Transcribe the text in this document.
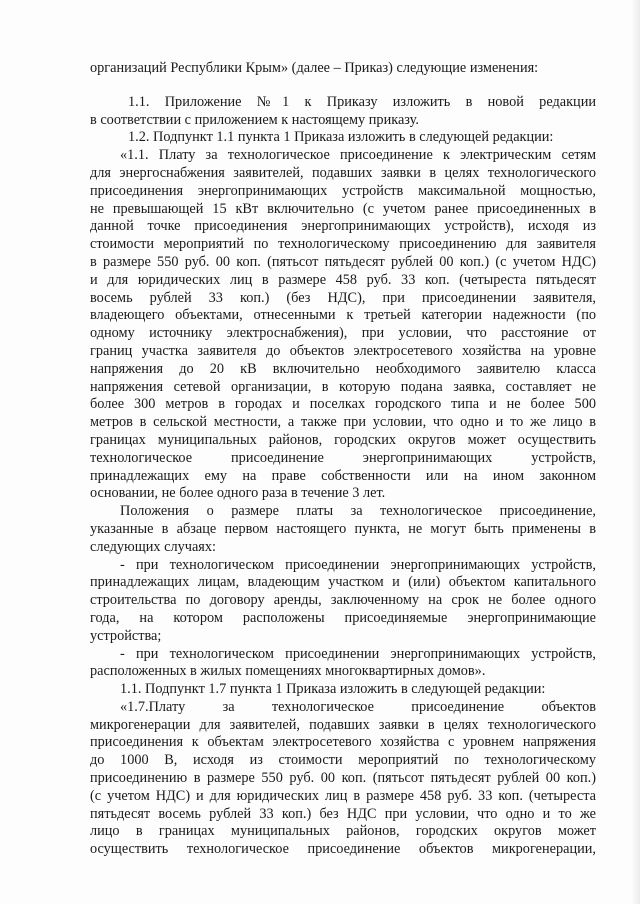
организаций Республики Крым» (далее – Приказ) следующие изменения:
1.1. Приложение №1 к Приказу изложить в новой редакции
в соответствии с приложением к настоящему приказу.
1.2. Подпункт 1.1 пункта 1 Приказа изложить в следующей редакции:
«1.1. Плату за технологическое присоединение к электрическим сетям
для энергоснабжения заявителей, подавших заявки в целях технологического
присоединения энергопринимающих устройств максимальной мощностью,
не превышающей 15 кВт включительно (с учетом ранее присоединенных в
данной точке присоединения энергопринимающих устройств), исходя из
стоимости мероприятий по технологическому присоединению для заявителя
в размере 550 руб. 00 коп. (пятьсот пятьдесят рублей 00 коп.) (с учетом НДС)
и для юридических лиц в размере 458 руб. 33 коп. (четыреста пятьдесят
восемь рублей 33 коп.) (без НДС), при присоединении заявителя,
владеющего объектами, отнесенными к третьей категории надежности (по
одному источнику электроснабжения), при условии, что расстояние от
границ участка заявителя до объектов электросетевого хозяйства на уровне
напряжения до 20 кВ включительно необходимого заявителю класса
напряжения сетевой организации, в которую подана заявка, составляет не
более 300 метров в городах и поселках городского типа и не более 500
метров в сельской местности, а также при условии, что одно и то же лицо в
границах муниципальных районов, городских округов может осуществить
технологическое присоединение энергопринимающих устройств,
принадлежащих ему на праве собственности или на ином законном
основании, не более одного раза в течение 3 лет.
Положения о размере платы за технологическое присоединение,
указанные в абзаце первом настоящего пункта, не могут быть применены в
следующих случаях:
- при технологическом присоединении энергопринимающих устройств,
принадлежащих лицам, владеющим участком и (или) объектом капитального
строительства по договору аренды, заключенному на срок не более одного
года, на котором расположены присоединяемые энергопринимающие
устройства;
- при технологическом присоединении энергопринимающих устройств,
расположенных в жилых помещениях многоквартирных домов».
1.1. Подпункт 1.7 пункта 1 Приказа изложить в следующей редакции:
«1.7.Плату за технологическое присоединение объектов
микрогенерации для заявителей, подавших заявки в целях технологического
присоединения к объектам электросетевого хозяйства с уровнем напряжения
до 1000 В, исходя из стоимости мероприятий по технологическому
присоединению в размере 550 руб. 00 коп. (пятьсот пятьдесят рублей 00 коп.)
(с учетом НДС) и для юридических лиц в размере 458 руб. 33 коп. (четыреста
пятьдесят восемь рублей 33 коп.) без НДС при условии, что одно и то же
лицо в границах муниципальных районов, городских округов может
осуществить технологическое присоединение объектов микрогенерации,
